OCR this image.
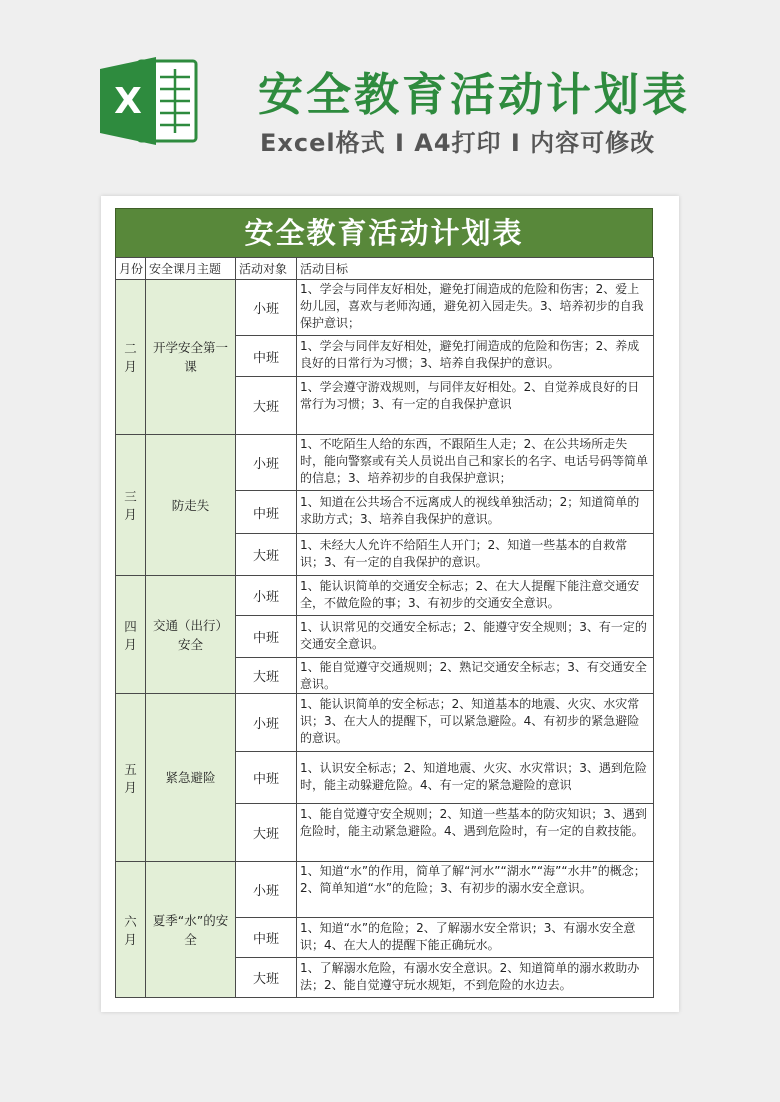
X	安全教育活动计划表
Excel格式 I A4打印 I 内容可修改
安全教育活动计划表
月份	安全课月主题	活动对象	活动目标
二月	开学安全第一课	小班	1、学会与同伴友好相处，避免打闹造成的危险和伤害；2、爱上幼儿园，喜欢与老师沟通，避免初入园走失。3、培养初步的自我保护意识；

		中班	1、学会与同伴友好相处，避免打闹造成的危险和伤害；2、养成良好的日常行为习惯；3、培养自我保护的意识。

		大班	1、学会遵守游戏规则，与同伴友好相处。2、自觉养成良好的日常行为习惯；3、有一定的自我保护意识

三月	防走失	小班	1、不吃陌生人给的东西，不跟陌生人走；2、在公共场所走失时，能向警察或有关人员说出自己和家长的名字、电话号码等简单的信息；3、培养初步的自我保护意识；

		中班	1、知道在公共场合不远离成人的视线单独活动；2；知道简单的求助方式；3、培养自我保护的意识。

		大班	1、未经大人允许不给陌生人开门；2、知道一些基本的自救常识；3、有一定的自我保护的意识。

四月	交通（出行）安全	小班	1、能认识简单的交通安全标志；2、在大人提醒下能注意交通安全，不做危险的事；3、有初步的交通安全意识。

		中班	1、认识常见的交通安全标志；2、能遵守安全规则；3、有一定的交通安全意识。

		大班	1、能自觉遵守交通规则；2、熟记交通安全标志；3、有交通安全意识。

五月	紧急避险	小班	1、能认识简单的安全标志；2、知道基本的地震、火灾、水灾常识；3、在大人的提醒下，可以紧急避险。4、有初步的紧急避险的意识。

		中班	1、认识安全标志；2、知道地震、火灾、水灾常识；3、遇到危险时，能主动躲避危险。4、有一定的紧急避险的意识

		大班	1、能自觉遵守安全规则；2、知道一些基本的防灾知识；3、遇到危险时，能主动紧急避险。4、遇到危险时，有一定的自救技能。

六月	夏季“水”的安全	小班	1、知道“水”的作用，简单了解“河水”“湖水”“海”“水井”的概念；2、简单知道“水”的危险；3、有初步的溺水安全意识。

		中班	1、知道“水”的危险；2、了解溺水安全常识；3、有溺水安全意识；4、在大人的提醒下能正确玩水。

		大班	1、了解溺水危险，有溺水安全意识。2、知道简单的溺水救助办法；2、能自觉遵守玩水规矩，不到危险的水边去。
